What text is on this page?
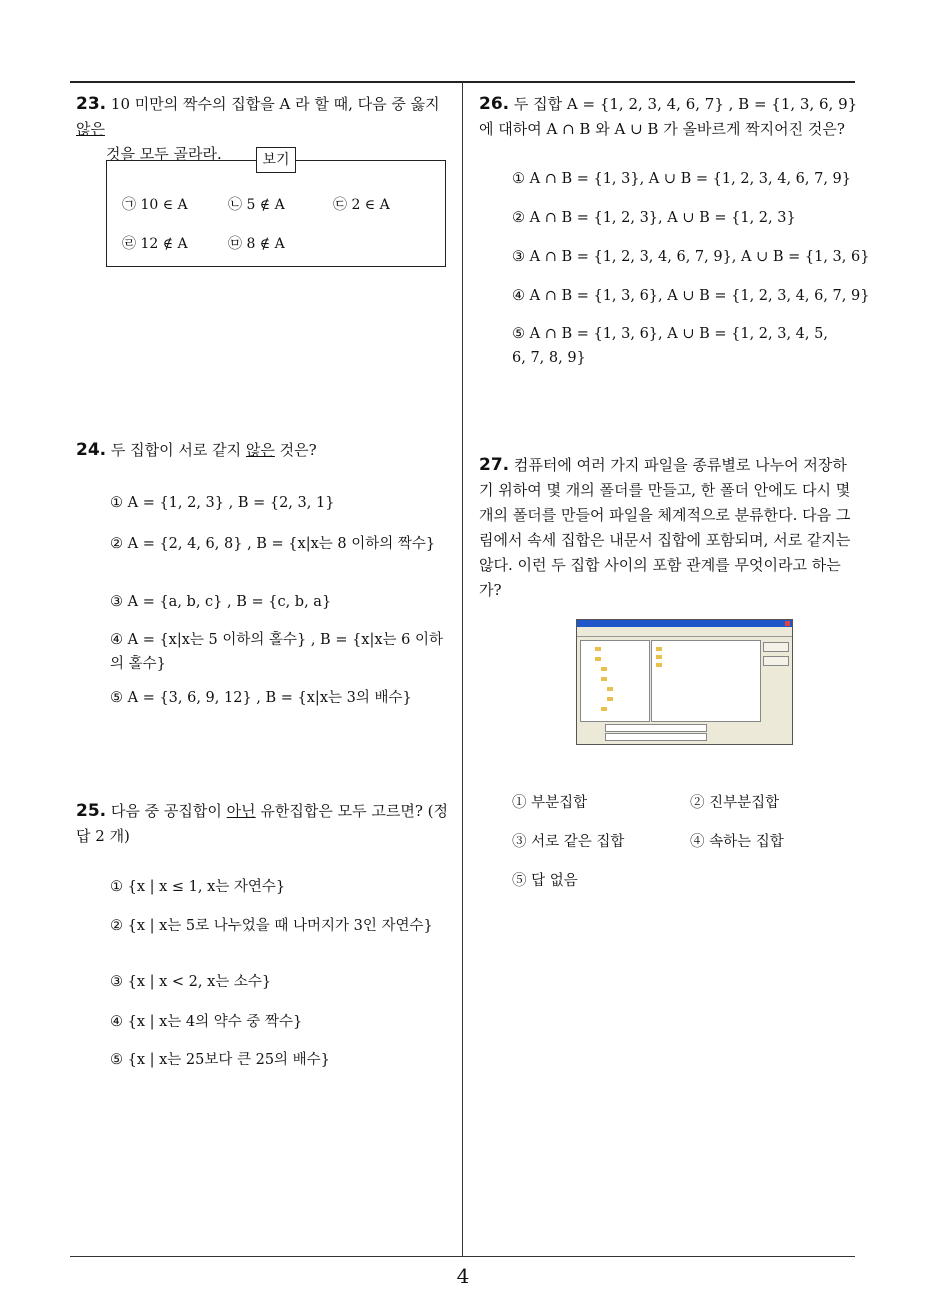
23. 10 미만의 짝수의 집합을 A 라 할 때, 다음 중 옳지 않은
것을 모두 골라라.	보기
㉠ 10 ∈ A	㉡ 5 ∉ A	㉢ 2 ∈ A
㉣ 12 ∉ A	㉤ 8 ∉ A
24. 두 집합이 서로 같지 않은 것은?
① A = {1, 2, 3} , B = {2, 3, 1}
② A = {2, 4, 6, 8} , B = {x|x는 8 이하의 짝수}
③ A = {a, b, c} , B = {c, b, a}
④ A = {x|x는 5 이하의 홀수} , B = {x|x는 6 이하의 홀수}
⑤ A = {3, 6, 9, 12} , B = {x|x는 3의 배수}
25. 다음 중 공집합이 아닌 유한집합은 모두 고르면? (정답 2 개)
① {x | x ≤ 1, x는 자연수}
② {x | x는 5로 나누었을 때 나머지가 3인 자연수}
③ {x | x < 2, x는 소수}
④ {x | x는 4의 약수 중 짝수}
⑤ {x | x는 25보다 큰 25의 배수}
26. 두 집합 A = {1, 2, 3, 4, 6, 7} , B = {1, 3, 6, 9} 에 대하여 A ∩ B 와 A ∪ B 가 올바르게 짝지어진 것은?
① A ∩ B = {1, 3}, A ∪ B = {1, 2, 3, 4, 6, 7, 9}
② A ∩ B = {1, 2, 3}, A ∪ B = {1, 2, 3}
③ A ∩ B = {1, 2, 3, 4, 6, 7, 9}, A ∪ B = {1, 3, 6}
④ A ∩ B = {1, 3, 6}, A ∪ B = {1, 2, 3, 4, 6, 7, 9}
⑤ A ∩ B = {1, 3, 6}, A ∪ B = {1, 2, 3, 4, 5, 6, 7, 8, 9}
27. 컴퓨터에 여러 가지 파일을 종류별로 나누어 저장하기 위하여 몇 개의 폴더를 만들고, 한 폴더 안에도 다시 몇 개의 폴더를 만들어 파일을 체계적으로 분류한다. 다음 그림에서 속세 집합은 내문서 집합에 포함되며, 서로 같지는 않다. 이런 두 집합 사이의 포함 관계를 무엇이라고 하는가?
① 부분집합	② 진부분집합
③ 서로 같은 집합	④ 속하는 집합
⑤ 답 없음
4
